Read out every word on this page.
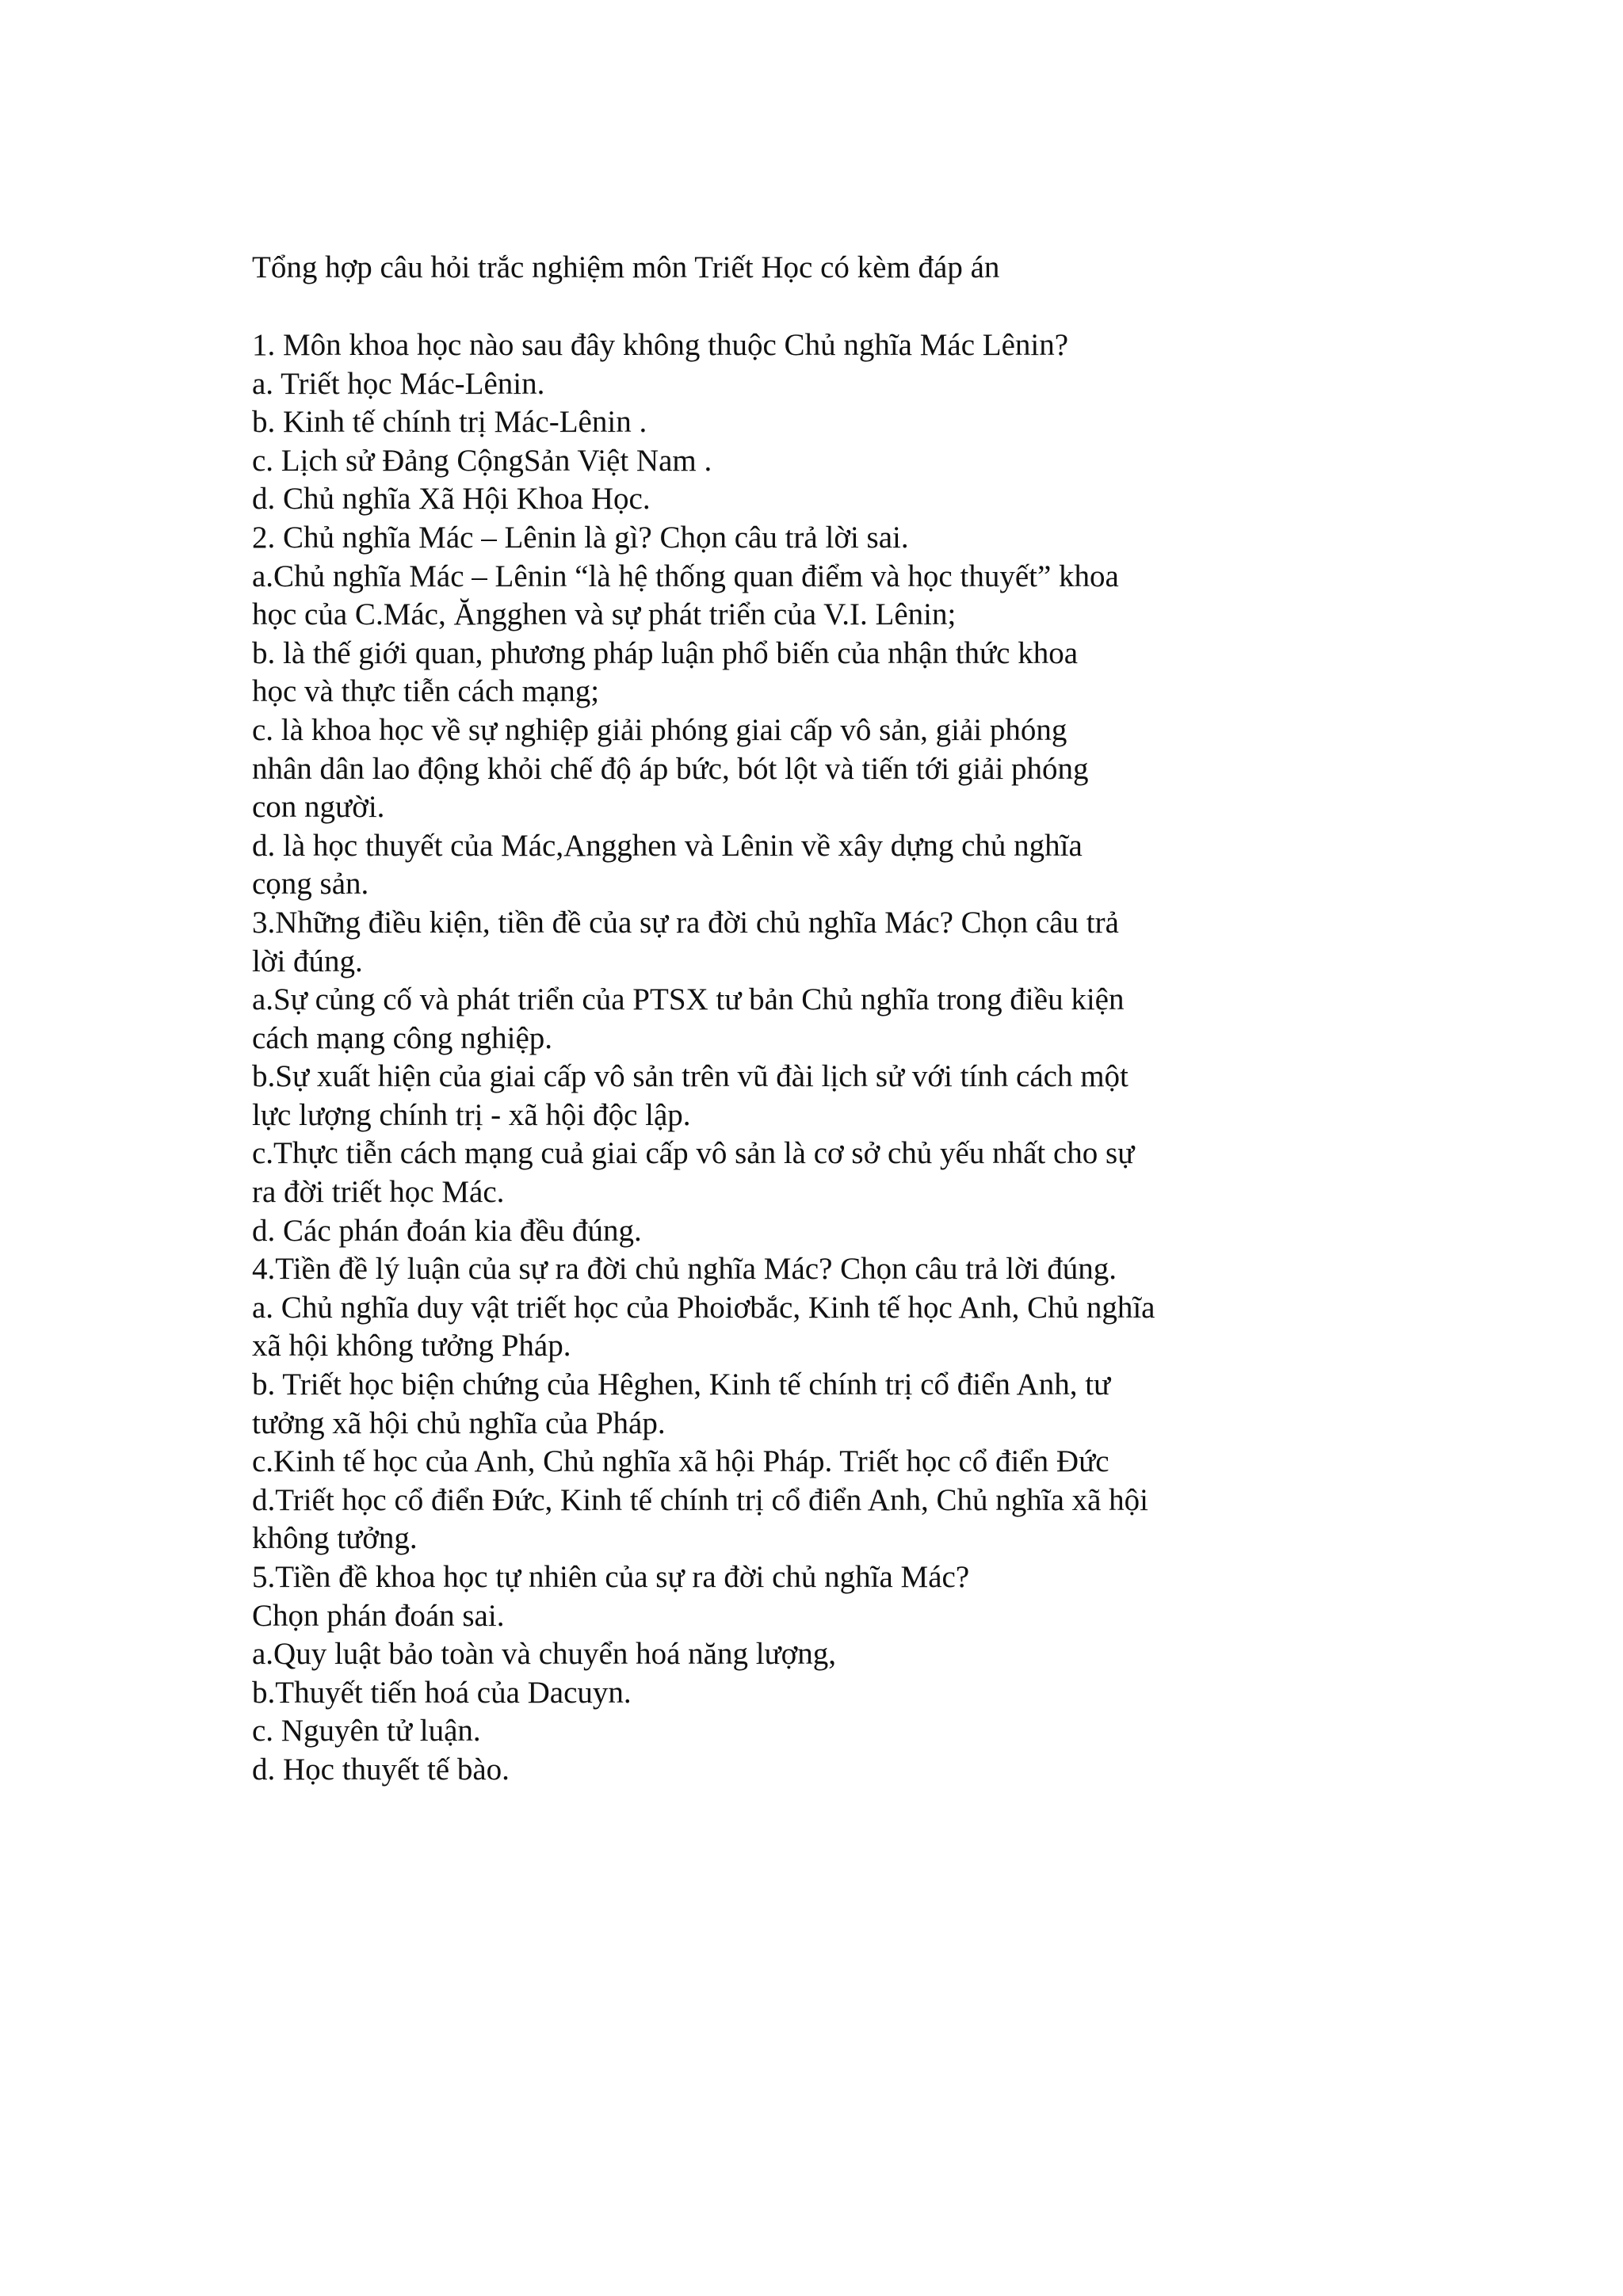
Tổng hợp câu hỏi trắc nghiệm môn Triết Học có kèm đáp án
1. Môn khoa học nào sau đây không thuộc Chủ nghĩa Mác Lênin?
a. Triết học Mác-Lênin.
b. Kinh tế chính trị Mác-Lênin .
c. Lịch sử Đảng CộngSản Việt Nam .
d. Chủ nghĩa Xã Hội Khoa Học.
2. Chủ nghĩa Mác – Lênin là gì? Chọn câu trả lời sai.
a.Chủ nghĩa Mác – Lênin “là hệ thống quan điểm và học thuyết” khoa
học của C.Mác, Ăngghen và sự phát triển của V.I. Lênin;
b. là thế giới quan, phương pháp luận phổ biến của nhận thức khoa
học và thực tiễn cách mạng;
c. là khoa học về sự nghiệp giải phóng giai cấp vô sản, giải phóng
nhân dân lao động khỏi chế độ áp bức, bót lột và tiến tới giải phóng
con người.
d. là học thuyết của Mác,Angghen và Lênin về xây dựng chủ nghĩa
cọng sản.
3.Những điều kiện, tiền đề của sự ra đời chủ nghĩa Mác? Chọn câu trả
lời đúng.
a.Sự củng cố và phát triển của PTSX tư bản Chủ nghĩa trong điều kiện
cách mạng công nghiệp.
b.Sự xuất hiện của giai cấp vô sản trên vũ đài lịch sử với tính cách một
lực lượng chính trị - xã hội độc lập.
c.Thực tiễn cách mạng cuả giai cấp vô sản là cơ sở chủ yếu nhất cho sự
ra đời triết học Mác.
d. Các phán đoán kia đều đúng.
4.Tiền đề lý luận của sự ra đời chủ nghĩa Mác? Chọn câu trả lời đúng.
a. Chủ nghĩa duy vật triết học của Phoiơbắc, Kinh tế học Anh, Chủ nghĩa
xã hội không tưởng Pháp.
b. Triết học biện chứng của Hêghen, Kinh tế chính trị cổ điển Anh, tư
tưởng xã hội chủ nghĩa của Pháp.
c.Kinh tế học của Anh, Chủ nghĩa xã hội Pháp. Triết học cổ điển Đức
d.Triết học cổ điển Đức, Kinh tế chính trị cổ điển Anh, Chủ nghĩa xã hội
không tưởng.
5.Tiền đề khoa học tự nhiên của sự ra đời chủ nghĩa Mác?
Chọn phán đoán sai.
a.Quy luật bảo toàn và chuyển hoá năng lượng,
b.Thuyết tiến hoá của Dacuyn.
c. Nguyên tử luận.
d. Học thuyết tế bào.
